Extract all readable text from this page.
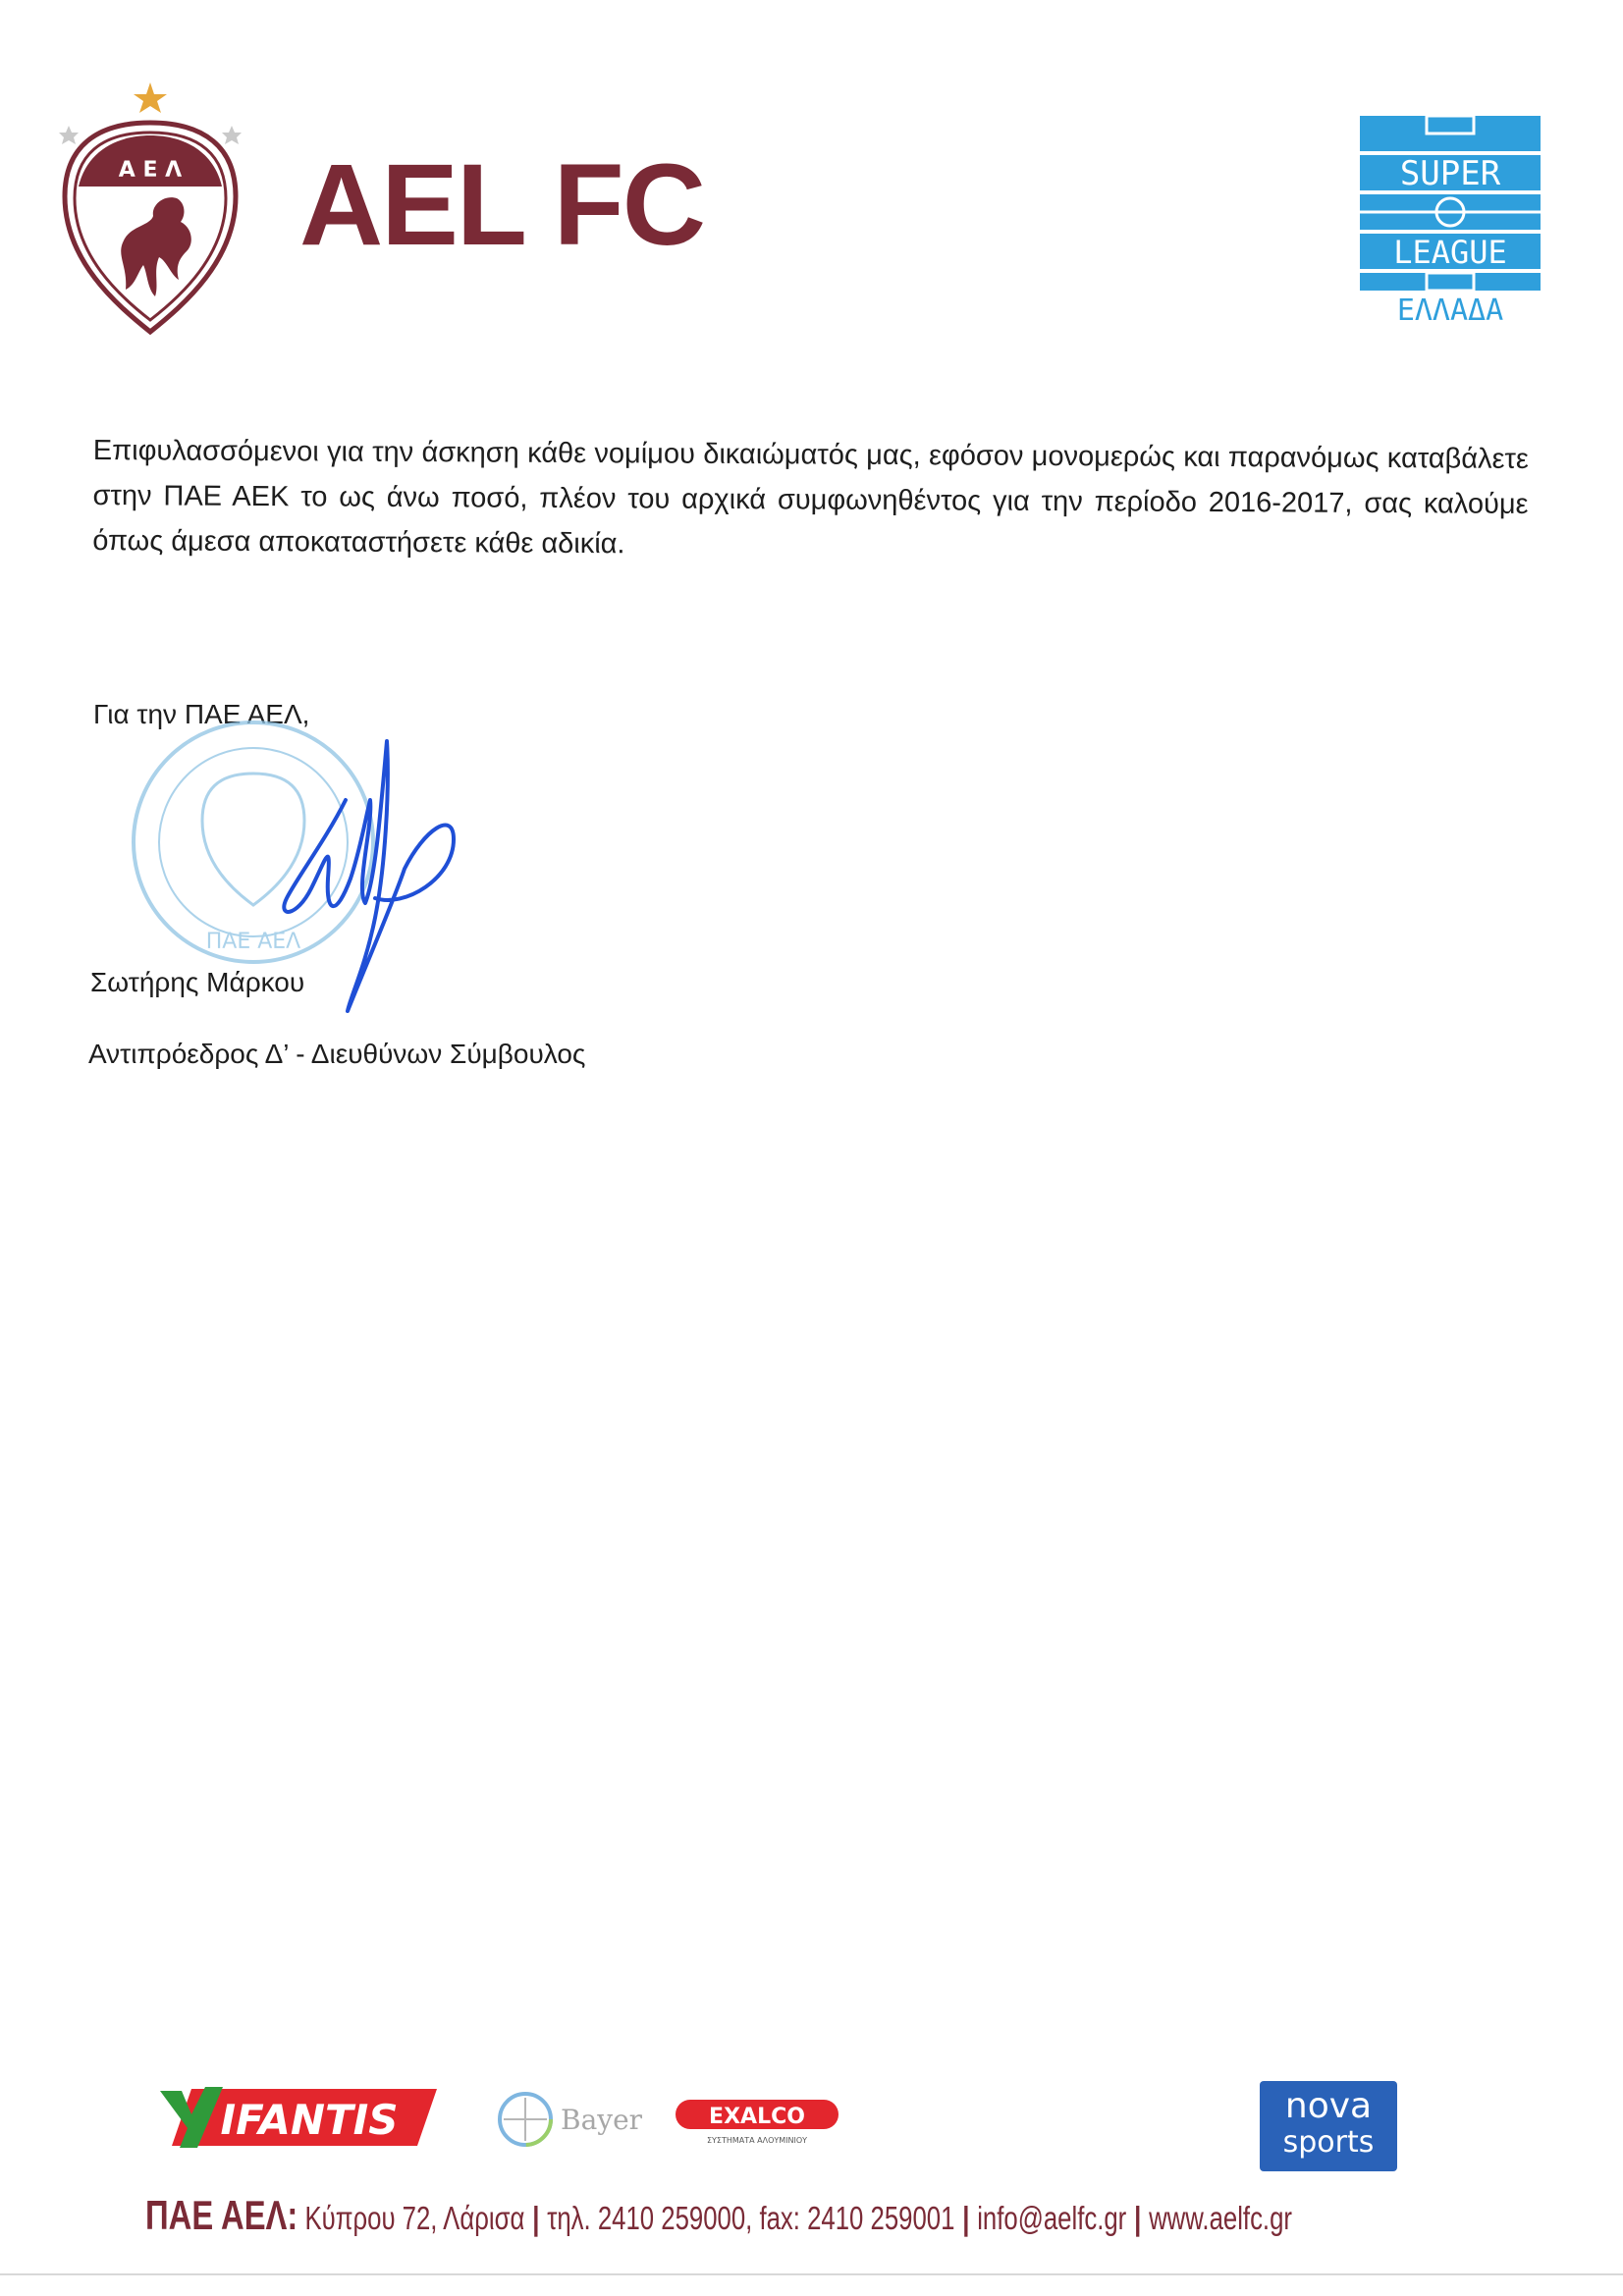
Α Ε Λ AEL FC	SUPER
LEAGUE
ΕΛΛΑΔΑ
Επιφυλασσόμενοι για την άσκηση κάθε νομίμου δικαιώματός μας, εφόσον μονομερώς και παρανόμως καταβάλετε στην ΠΑΕ ΑΕΚ το ως άνω ποσό, πλέον του αρχικά συμφωνηθέντος για την περίοδο 2016-2017, σας καλούμε όπως άμεσα αποκαταστήσετε κάθε αδικία.
Για την ΠΑΕ ΑΕΛ,
ΠΑΕ ΑΕΛ
Σωτήρης Μάρκου
Αντιπρόεδρος Δ’ - Διευθύνων Σύμβουλος
IFANTIS	Bayer	EXALCO
ΣΥΣΤΗΜΑΤΑ ΑΛΟΥΜΙΝΙΟΥ
nova
sports
ΠΑΕ ΑΕΛ: Κύπρου 72, Λάρισα | τηλ. 2410 259000, fax: 2410 259001 | info@aelfc.gr | www.aelfc.gr
